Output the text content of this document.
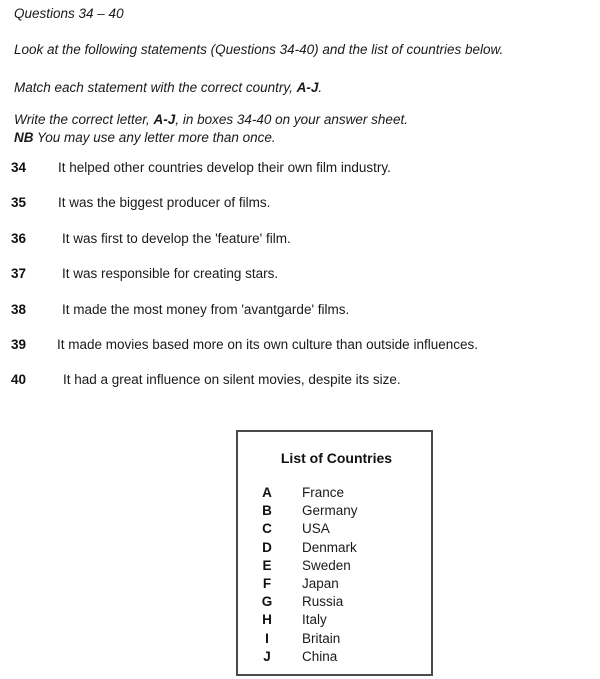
Questions 34 – 40
Look at the following statements (Questions 34-40) and the list of countries below.
Match each statement with the correct country, A-J.
Write the correct letter, A-J, in boxes 34-40 on your answer sheet.
NB You may use any letter more than once.
34 It helped other countries develop their own film industry.
35 It was the biggest producer of films.
36	It was first to develop the 'feature' film.
37	It was responsible for creating stars.
38	It made the most money from 'avantgarde' films.
39 It made movies based more on its own culture than outside influences.
40	It had a great influence on silent movies, despite its size.
List of Countries
A France
B Germany
C USA
D Denmark
E Sweden
F Japan
G Russia
H Italy
I	Britain
J China
